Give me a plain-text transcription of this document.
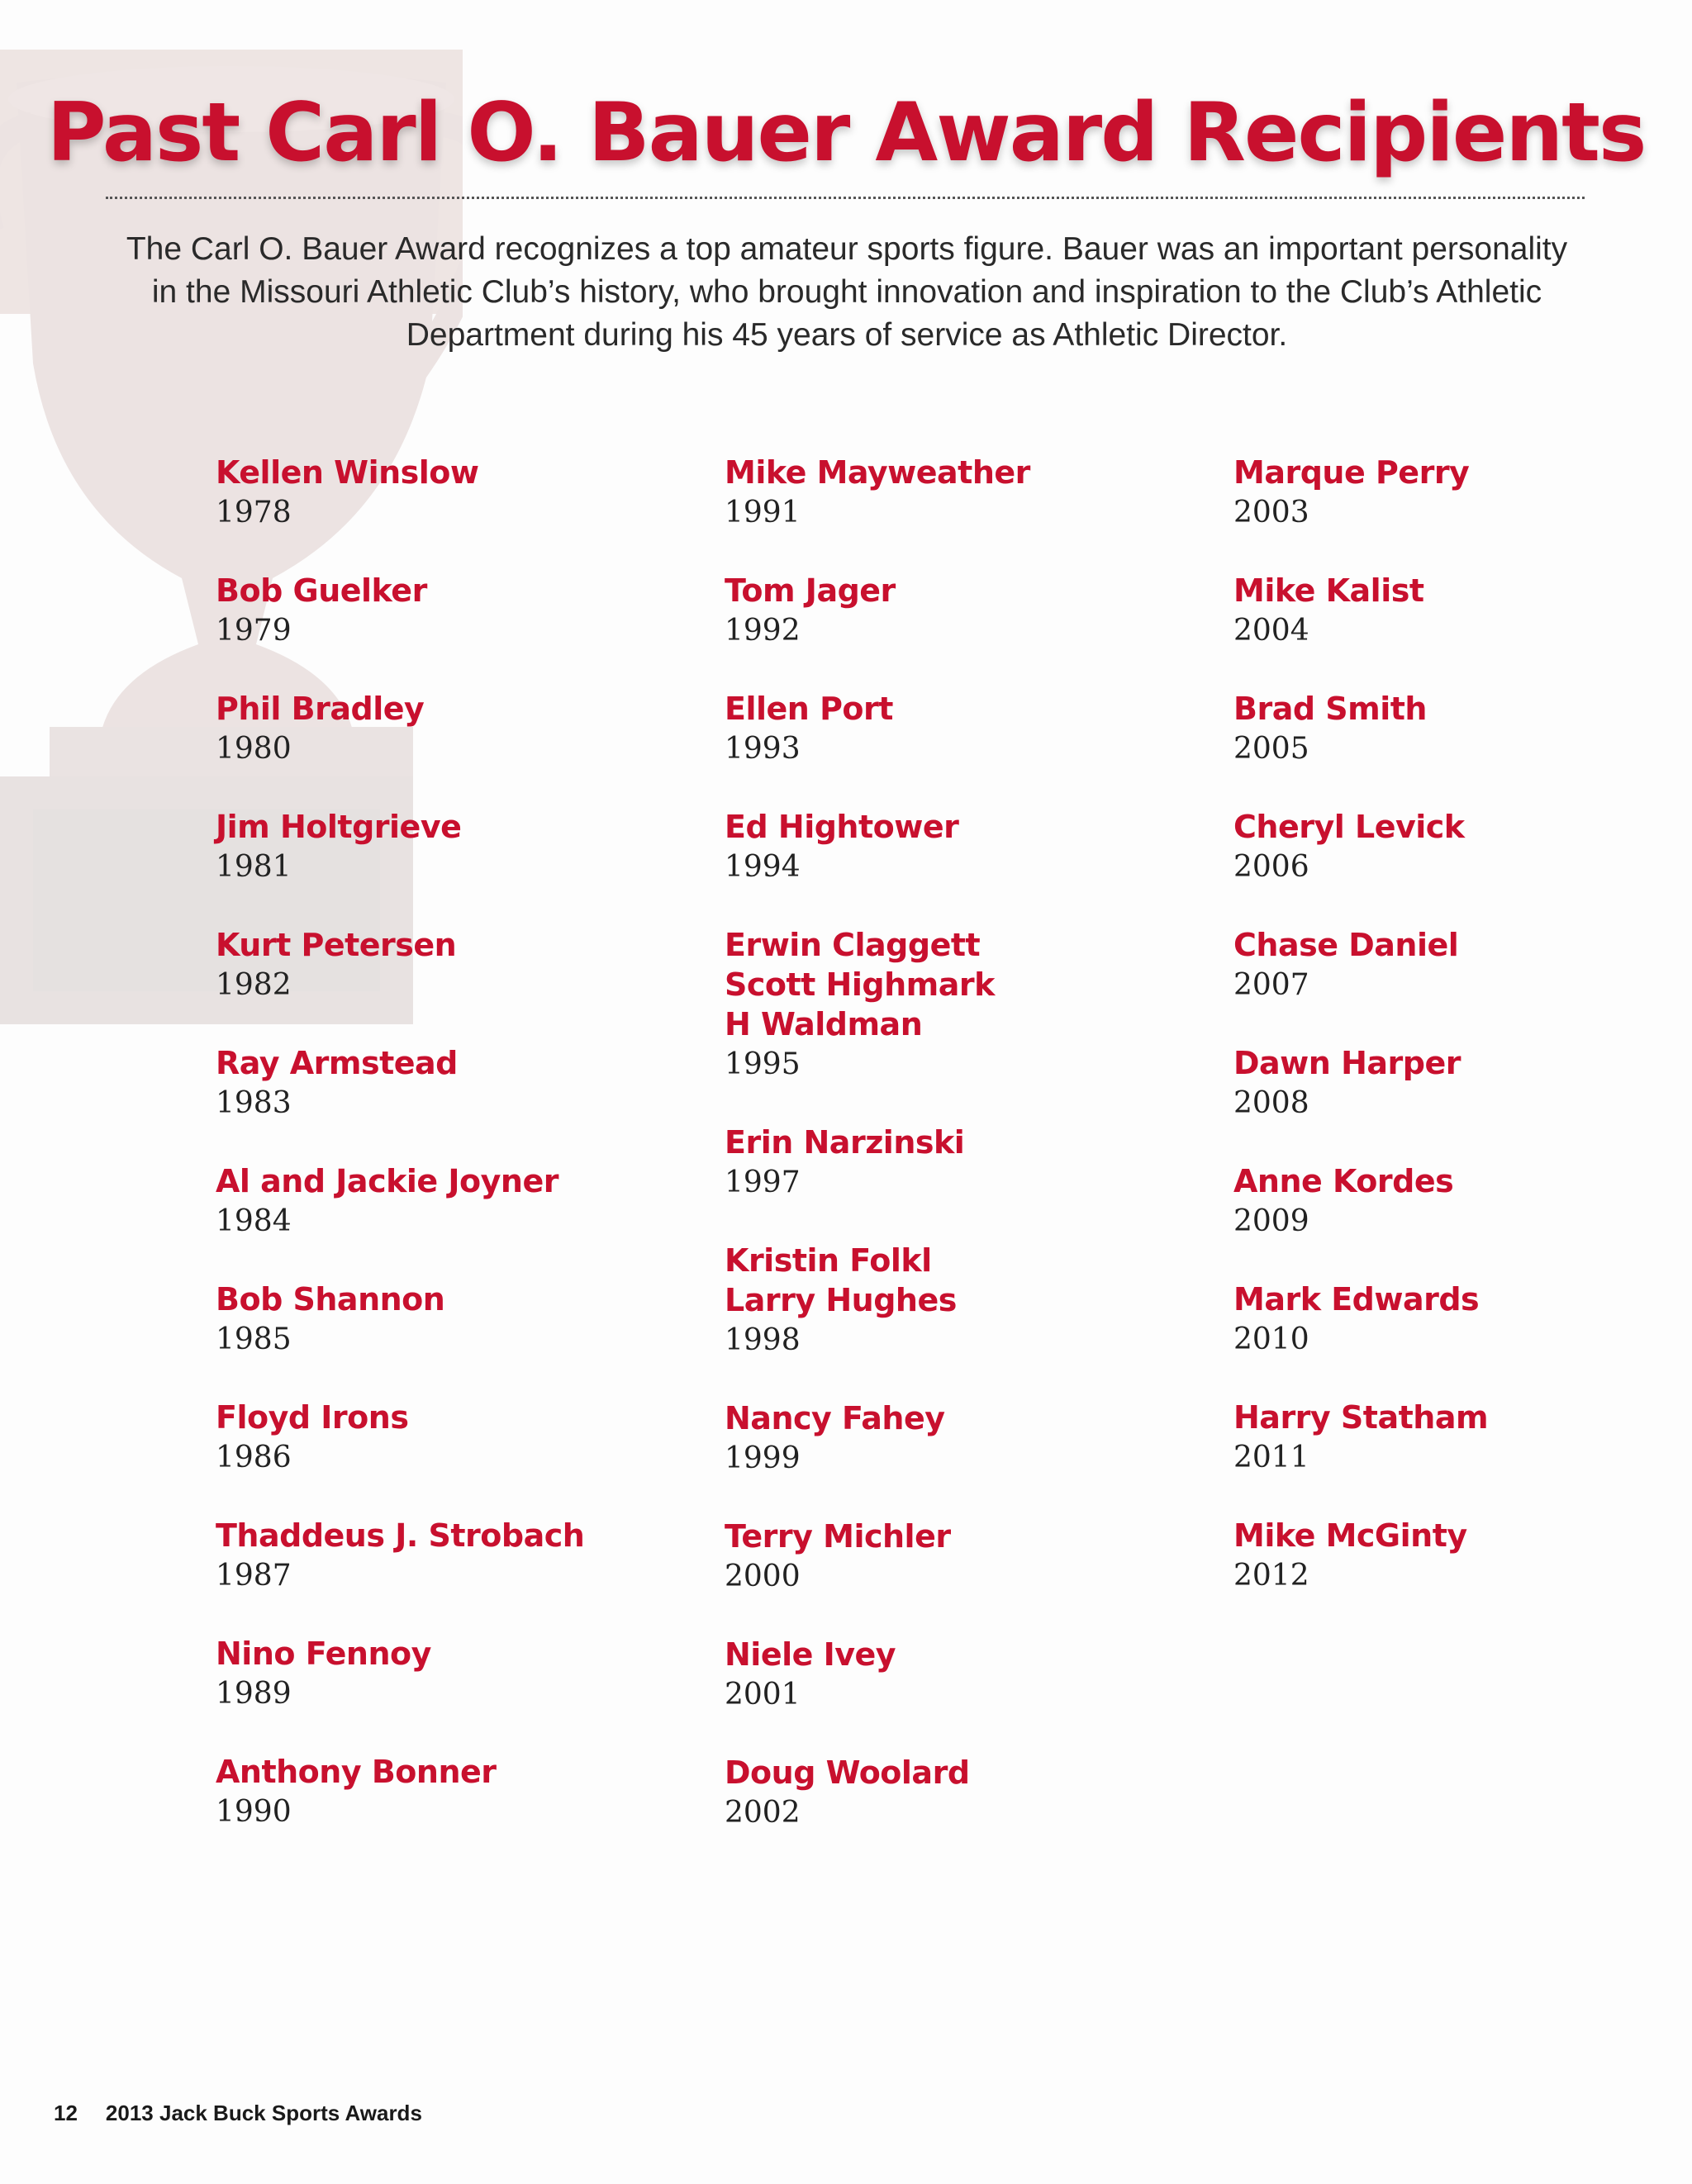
Past Carl O. Bauer Award Recipients

The Carl O. Bauer Award recognizes a top amateur sports figure. Bauer was an important personality in the Missouri Athletic Club’s history, who brought innovation and inspiration to the Club’s Athletic Department during his 45 years of service as Athletic Director.

Kellen Winslow
1978
Bob Guelker
1979
Phil Bradley
1980
Jim Holtgrieve
1981
Kurt Petersen
1982
Ray Armstead
1983
Al and Jackie Joyner
1984
Bob Shannon
1985
Floyd Irons
1986
Thaddeus J. Strobach
1987
Nino Fennoy
1989
Anthony Bonner
1990
Mike Mayweather
1991
Tom Jager
1992
Ellen Port
1993
Ed Hightower
1994
Erwin Claggett
Scott Highmark
H Waldman
1995
Erin Narzinski
1997
Kristin Folkl
Larry Hughes
1998
Nancy Fahey
1999
Terry Michler
2000
Niele Ivey
2001
Doug Woolard
2002
Marque Perry
2003
Mike Kalist
2004
Brad Smith
2005
Cheryl Levick
2006
Chase Daniel
2007
Dawn Harper
2008
Anne Kordes
2009
Mark Edwards
2010
Harry Statham
2011
Mike McGinty
2012
12 2013 Jack Buck Sports Awards
